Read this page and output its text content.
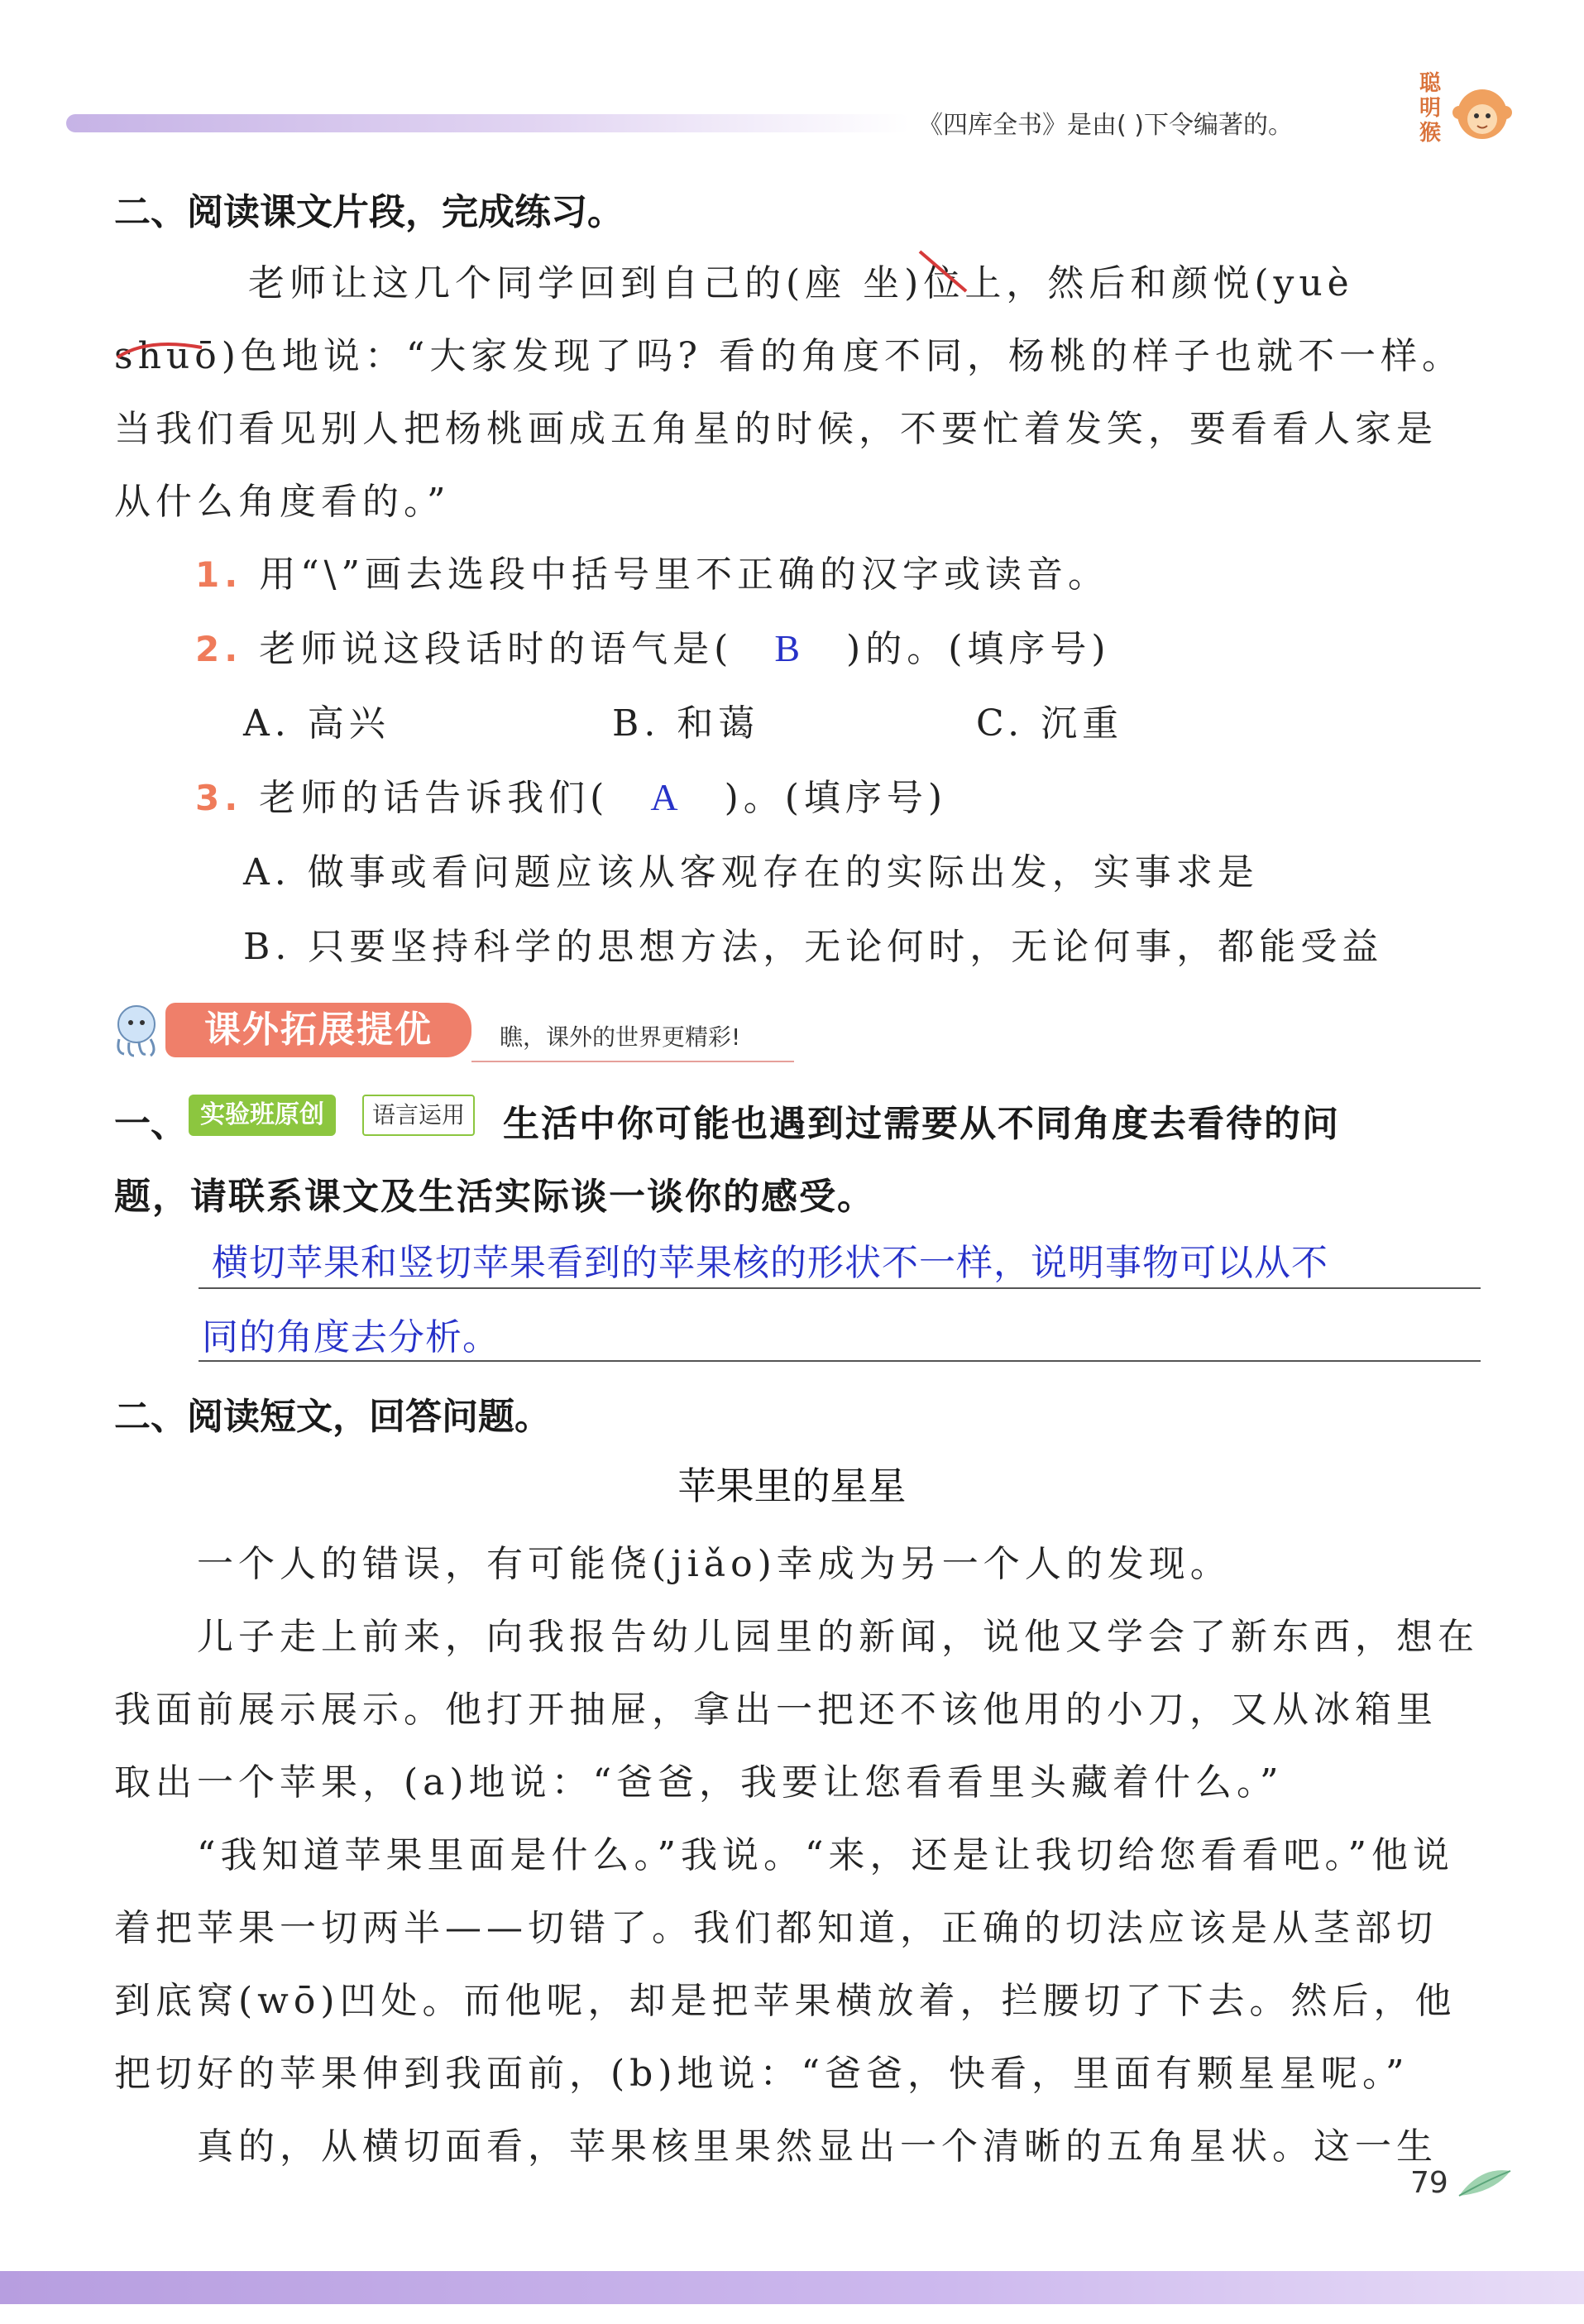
《四库全书》是由( )下令编著的。
聪明猴
二、阅读课文片段，完成练习。
老师让这几个同学回到自己的(座 坐)位上，然后和颜悦(yuè
shuō)色地说：“大家发现了吗? 看的角度不同，杨桃的样子也就不一样。
当我们看见别人把杨桃画成五角星的时候，不要忙着发笑，要看看人家是
从什么角度看的。”
1. 用“\”画去选段中括号里不正确的汉字或读音。
2. 老师说这段话时的语气是( B )的。(填序号)
A. 高兴	B. 和蔼	C. 沉重
3. 老师的话告诉我们( A )。(填序号)
A. 做事或看问题应该从客观存在的实际出发，实事求是
B. 只要坚持科学的思想方法，无论何时，无论何事，都能受益
课外拓展提优	瞧，课外的世界更精彩!
一、 实验班原创	语言运用 生活中你可能也遇到过需要从不同角度去看待的问
题，请联系课文及生活实际谈一谈你的感受。
横切苹果和竖切苹果看到的苹果核的形状不一样，说明事物可以从不
同的角度去分析。
二、阅读短文，回答问题。
苹果里的星星
一个人的错误，有可能侥(jiǎo)幸成为另一个人的发现。
儿子走上前来，向我报告幼儿园里的新闻，说他又学会了新东西，想在
我面前展示展示。他打开抽屉，拿出一把还不该他用的小刀，又从冰箱里
取出一个苹果，(a)地说：“爸爸，我要让您看看里头藏着什么。”
“我知道苹果里面是什么。”我说。“来，还是让我切给您看看吧。”他说
着把苹果一切两半——切错了。我们都知道，正确的切法应该是从茎部切
到底窝(wō)凹处。而他呢，却是把苹果横放着，拦腰切了下去。然后，他
把切好的苹果伸到我面前，(b)地说：“爸爸，快看，里面有颗星星呢。”
真的，从横切面看，苹果核里果然显出一个清晰的五角星状。这一生
79
